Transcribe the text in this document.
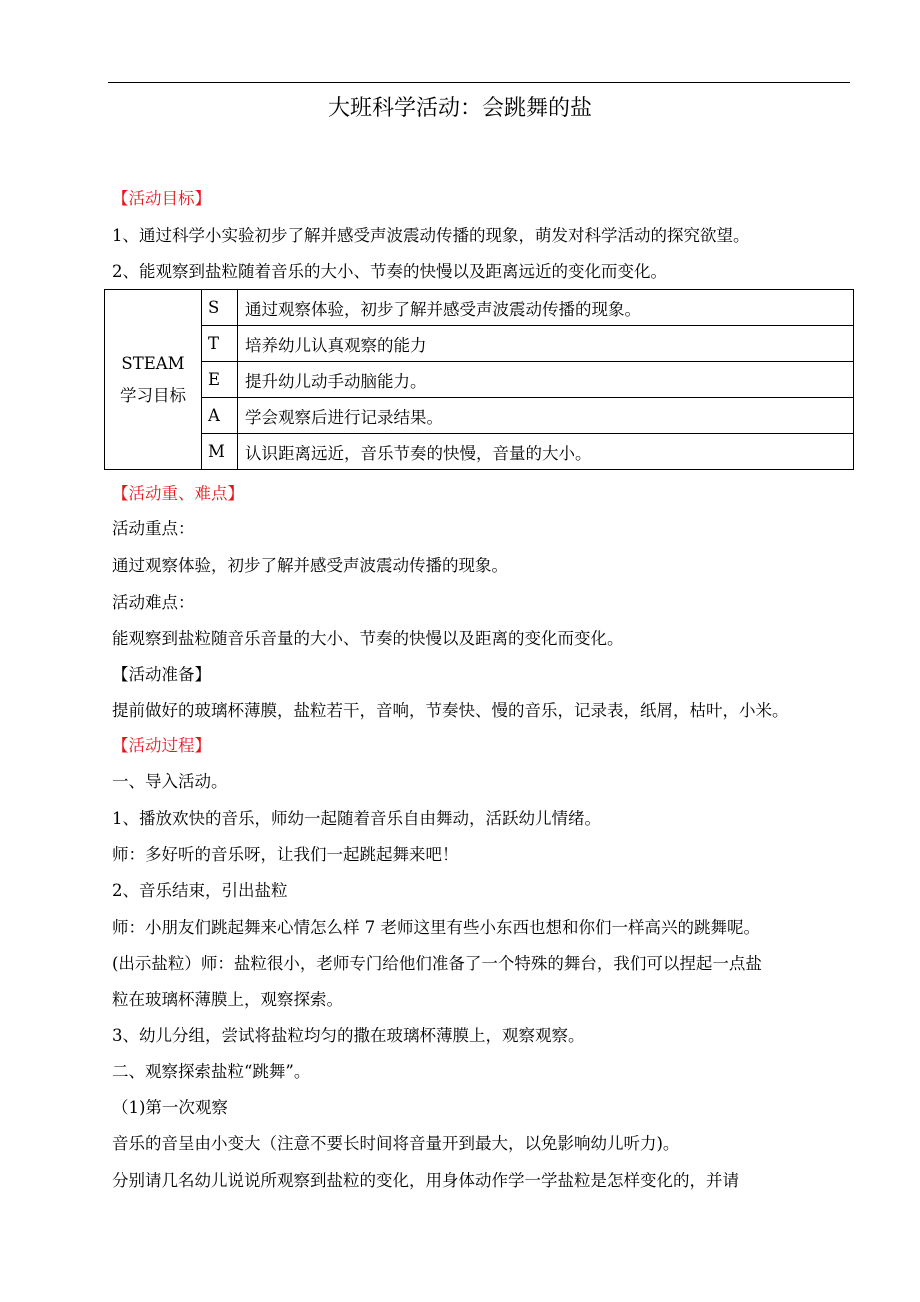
大班科学活动：会跳舞的盐
【活动目标】
1、通过科学小实验初步了解并感受声波震动传播的现象，萌发对科学活动的探究欲望。
2、能观察到盐粒随着音乐的大小、节奏的快慢以及距离远近的变化而变化。
STEAM
学习目标	S	通过观察体验，初步了解并感受声波震动传播的现象。
	T	培养幼儿认真观察的能力
	E	提升幼儿动手动脑能力。
	A	学会观察后进行记录结果。
	M	认识距离远近，音乐节奏的快慢，音量的大小。
【活动重、难点】
活动重点：
通过观察体验，初步了解并感受声波震动传播的现象。
活动难点：
能观察到盐粒随音乐音量的大小、节奏的快慢以及距离的变化而变化。
【活动准备】
提前做好的玻璃杯薄膜，盐粒若干，音响，节奏快、慢的音乐，记录表，纸屑，枯叶，小米。
【活动过程】
一、导入活动。
1、播放欢快的音乐，师幼一起随着音乐自由舞动，活跃幼儿情绪。
师：多好听的音乐呀，让我们一起跳起舞来吧！
2、音乐结束，引出盐粒
师：小朋友们跳起舞来心情怎么样 7 老师这里有些小东西也想和你们一样高兴的跳舞呢。
(出示盐粒）师：盐粒很小，老师专门给他们准备了一个特殊的舞台，我们可以捏起一点盐
粒在玻璃杯薄膜上，观察探索。
3、幼儿分组，尝试将盐粒均匀的撒在玻璃杯薄膜上，观察观察。
二、观察探索盐粒“跳舞”。
（1)第一次观察
音乐的音呈由小变大（注意不要长时间将音量开到最大，以免影响幼儿听力)。
分别请几名幼儿说说所观察到盐粒的变化，用身体动作学一学盐粒是怎样变化的，并请
